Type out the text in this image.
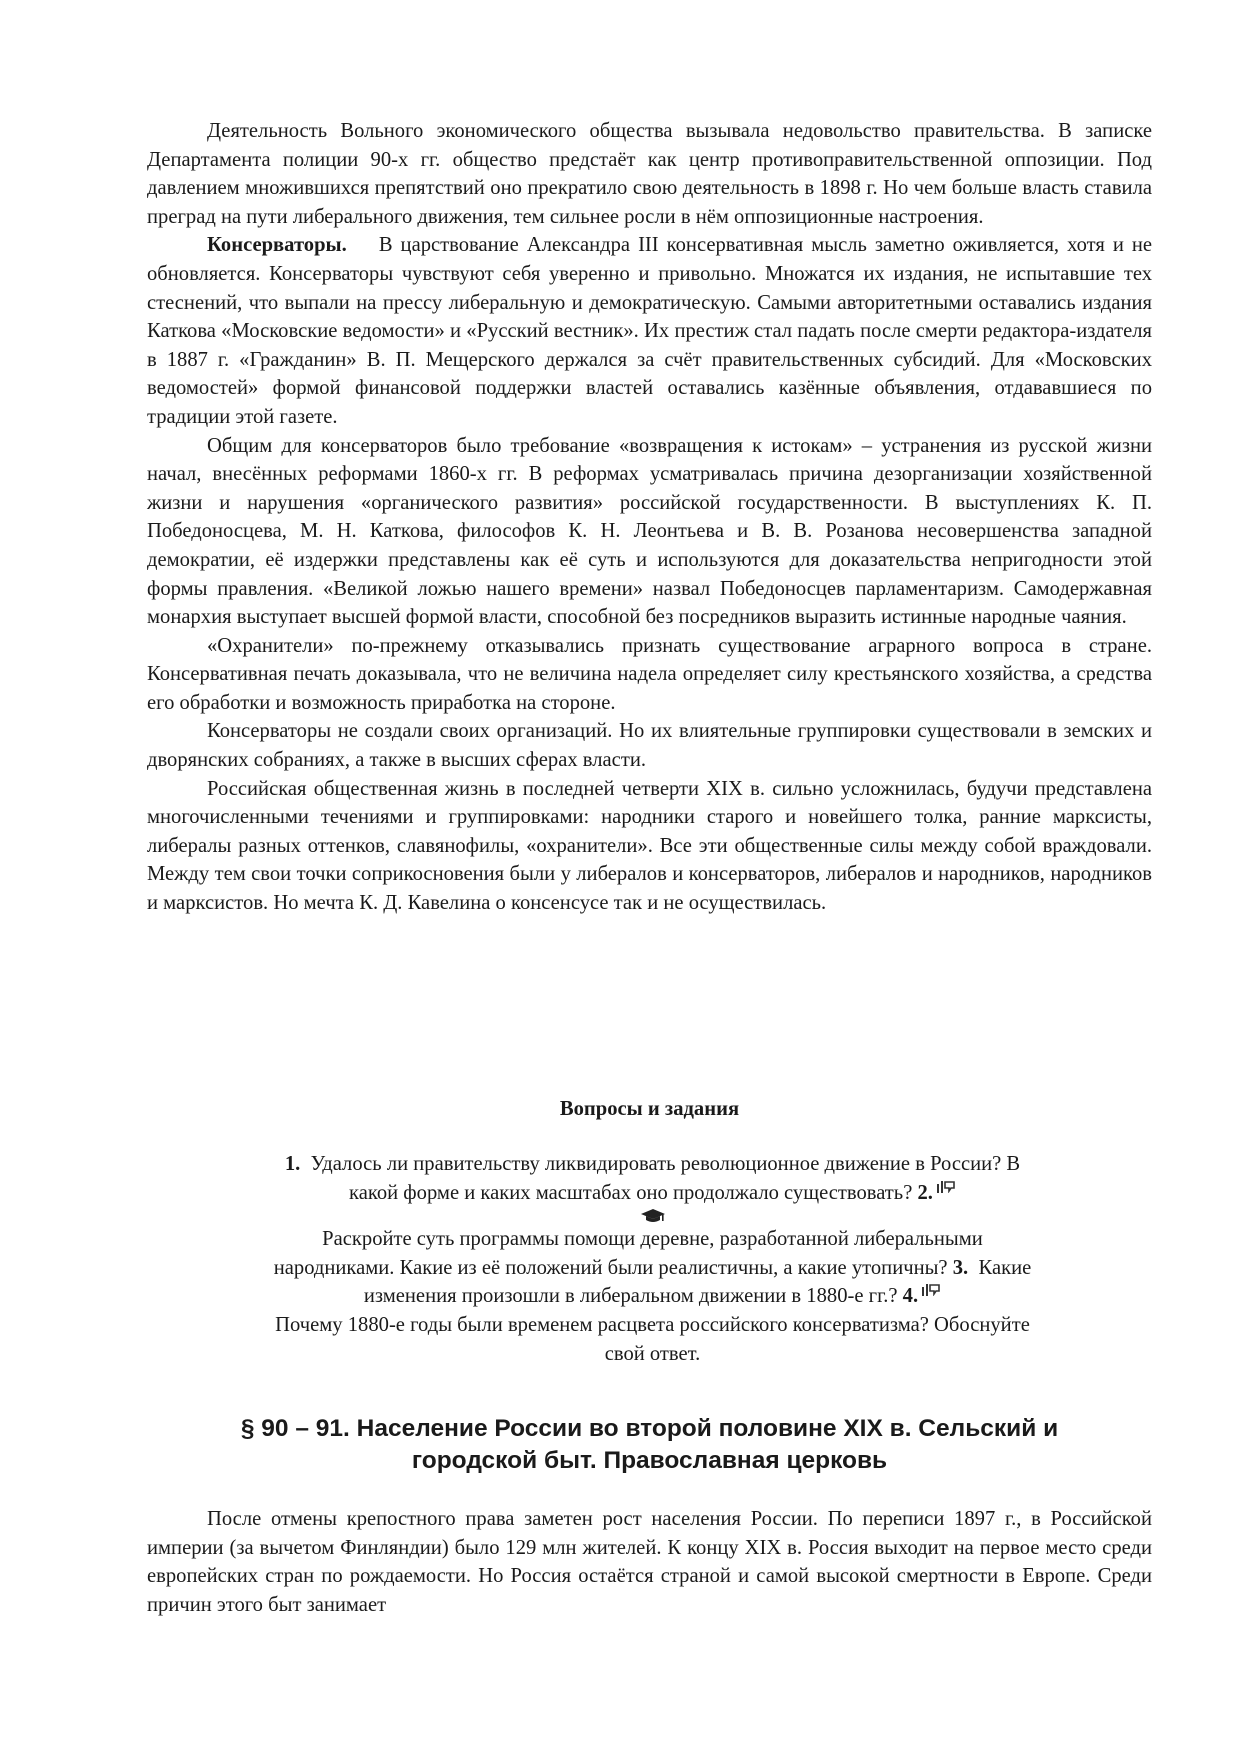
Деятельность Вольного экономического общества вызывала недовольство правительства. В записке Департамента полиции 90-х гг. общество предстаёт как центр противоправительственной оппозиции. Под давлением множившихся препятствий оно прекратило свою деятельность в 1898 г. Но чем больше власть ставила преград на пути либерального движения, тем сильнее росли в нём оппозиционные настроения.

Консерваторы. В царствование Александра III консервативная мысль заметно оживляется, хотя и не обновляется. Консерваторы чувствуют себя уверенно и привольно. Множатся их издания, не испытавшие тех стеснений, что выпали на прессу либеральную и демократическую. Самыми авторитетными оставались издания Каткова «Московские ведомости» и «Русский вестник». Их престиж стал падать после смерти редактора-издателя в 1887 г. «Гражданин» В. П. Мещерского держался за счёт правительственных субсидий. Для «Московских ведомостей» формой финансовой поддержки властей оставались казённые объявления, отдававшиеся по традиции этой газете.

Общим для консерваторов было требование «возвращения к истокам» – устранения из русской жизни начал, внесённых реформами 1860-х гг. В реформах усматривалась причина дезорганизации хозяйственной жизни и нарушения «органического развития» российской государственности. В выступлениях К. П. Победоносцева, М. Н. Каткова, философов К. Н. Леонтьева и В. В. Розанова несовершенства западной демократии, её издержки представлены как её суть и используются для доказательства непригодности этой формы правления. «Великой ложью нашего времени» назвал Победоносцев парламентаризм. Самодержавная монархия выступает высшей формой власти, способной без посредников выразить истинные народные чаяния.

«Охранители» по-прежнему отказывались признать существование аграрного вопроса в стране. Консервативная печать доказывала, что не величина надела определяет силу крестьянского хозяйства, а средства его обработки и возможность приработка на стороне.

Консерваторы не создали своих организаций. Но их влиятельные группировки существовали в земских и дворянских собраниях, а также в высших сферах власти.

Российская общественная жизнь в последней четверти XIX в. сильно усложнилась, будучи представлена многочисленными течениями и группировками: народники старого и новейшего толка, ранние марксисты, либералы разных оттенков, славянофилы, «охранители». Все эти общественные силы между собой враждовали. Между тем свои точки соприкосновения были у либералов и консерваторов, либералов и народников, народников и марксистов. Но мечта К. Д. Кавелина о консенсусе так и не осуществилась.

Вопросы и задания
1. Удалось ли правительству ликвидировать революционное движение в России? В
какой форме и каких масштабах оно продолжало существовать? 2.
Раскройте суть программы помощи деревне, разработанной либеральными
народниками. Какие из её положений были реалистичны, а какие утопичны? 3. Какие
изменения произошли в либеральном движении в 1880-е гг.? 4.
Почему 1880-е годы были временем расцвета российского консерватизма? Обоснуйте
свой ответ.
§ 90 – 91. Население России во второй половине XIX в. Сельский и
городской быт. Православная церковь

После отмены крепостного права заметен рост населения России. По переписи 1897 г., в Российской империи (за вычетом Финляндии) было 129 млн жителей. К концу XIX в. Россия выходит на первое место среди европейских стран по рождаемости. Но Россия остаётся страной и самой высокой смертности в Европе. Среди причин этого быт занимает
